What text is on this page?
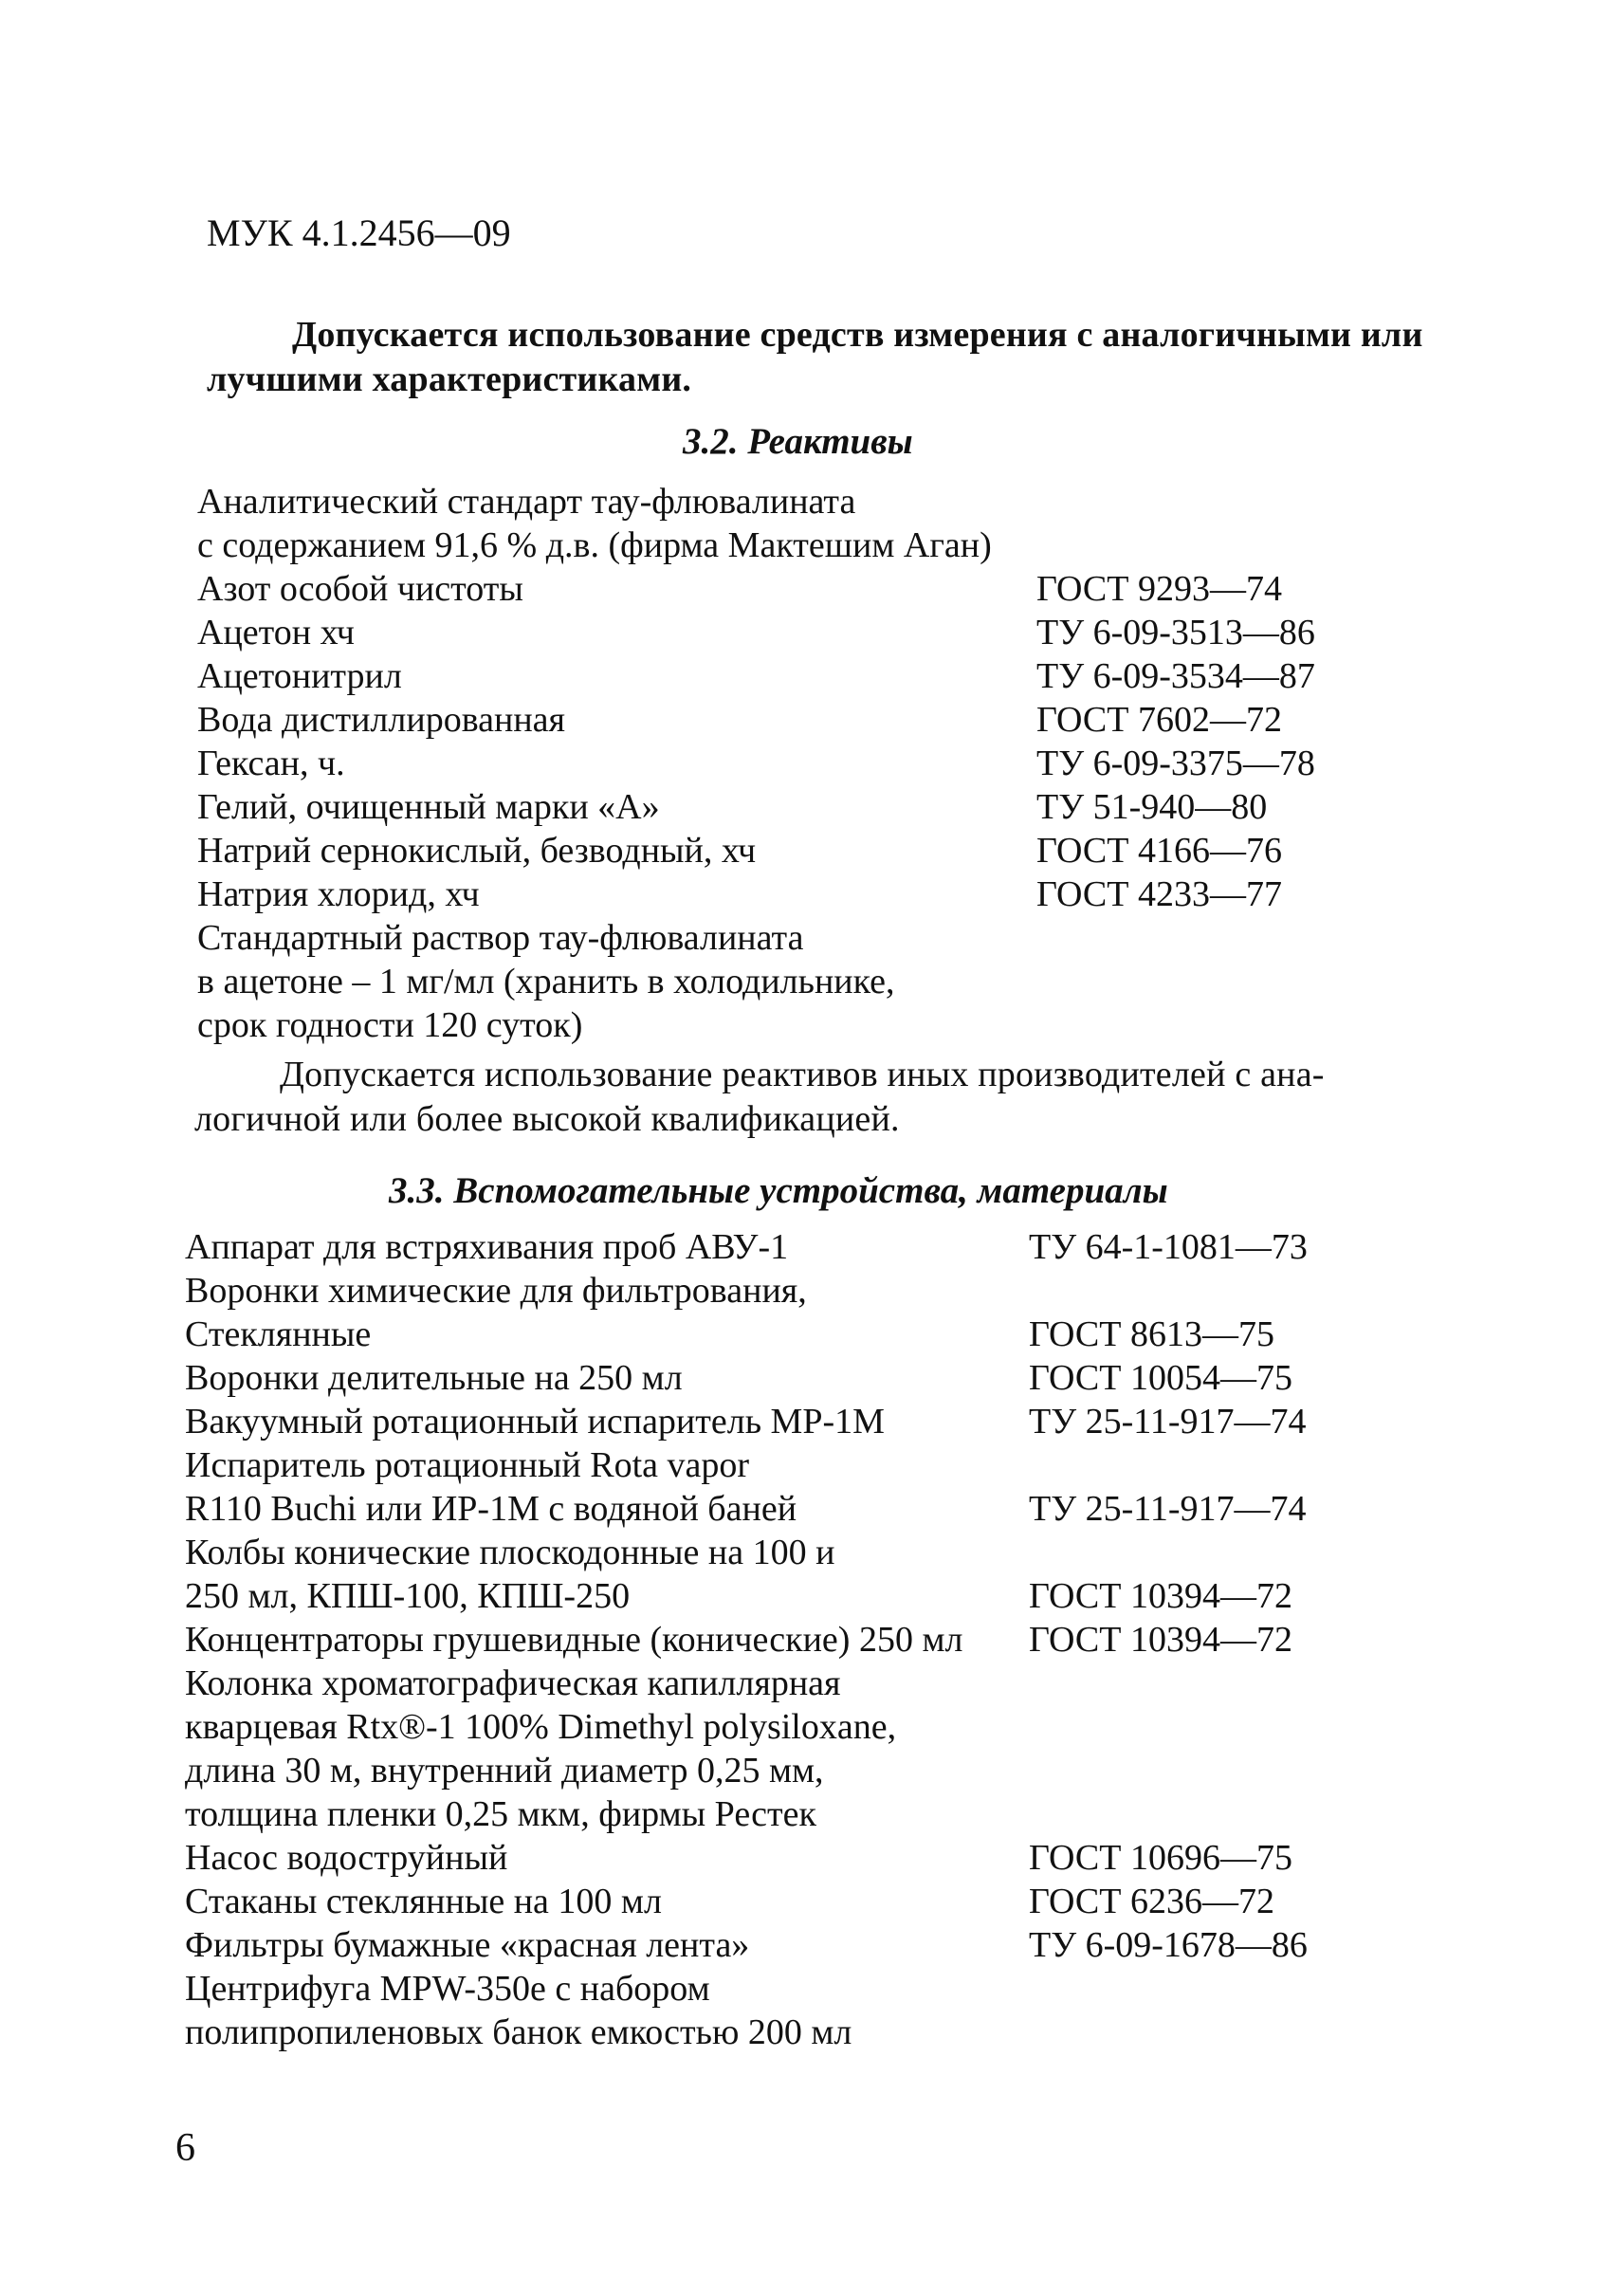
МУК 4.1.2456—09
Допускается использование средств измерения с аналогичными или
лучшими характеристиками.
3.2. Реактивы
Аналитический стандарт тау-флювалината
с содержанием 91,6 % д.в. (фирма Мактешим Аган)
Азот особой чистоты	ГОСТ 9293—74
Ацетон хч	ТУ 6-09-3513—86
Ацетонитрил	ТУ 6-09-3534—87
Вода дистиллированная	ГОСТ 7602—72
Гексан, ч.	ТУ 6-09-3375—78
Гелий, очищенный марки «А»	ТУ 51-940—80
Натрий сернокислый, безводный, хч	ГОСТ 4166—76
Натрия хлорид, хч	ГОСТ 4233—77
Стандартный раствор тау-флювалината
в ацетоне – 1 мг/мл (хранить в холодильнике,
срок годности 120 суток)
Допускается использование реактивов иных производителей с ана-
логичной или более высокой квалификацией.
3.3. Вспомогательные устройства, материалы
Аппарат для встряхивания проб АВУ-1	ТУ 64-1-1081—73
Воронки химические для фильтрования,
Стеклянные	ГОСТ 8613—75
Воронки делительные на 250 мл	ГОСТ 10054—75
Вакуумный ротационный испаритель МР-1М	ТУ 25-11-917—74
Испаритель ротационный Rota vapor
R110 Buchi или ИР-1М с водяной баней	ТУ 25-11-917—74
Колбы конические плоскодонные на 100 и
250 мл, КПШ-100, КПШ-250	ГОСТ 10394—72
Концентраторы грушевидные (конические) 250 мл ГОСТ 10394—72
Колонка хроматографическая капиллярная
кварцевая Rtx®-1 100% Dimethyl polysiloxane,
длина 30 м, внутренний диаметр 0,25 мм,
толщина пленки 0,25 мкм, фирмы Рестек
Насос водоструйный	ГОСТ 10696—75
Стаканы стеклянные на 100 мл	ГОСТ 6236—72
Фильтры бумажные «красная лента»	ТУ 6-09-1678—86
Центрифуга MPW-350e с набором
полипропиленовых банок емкостью 200 мл
6
